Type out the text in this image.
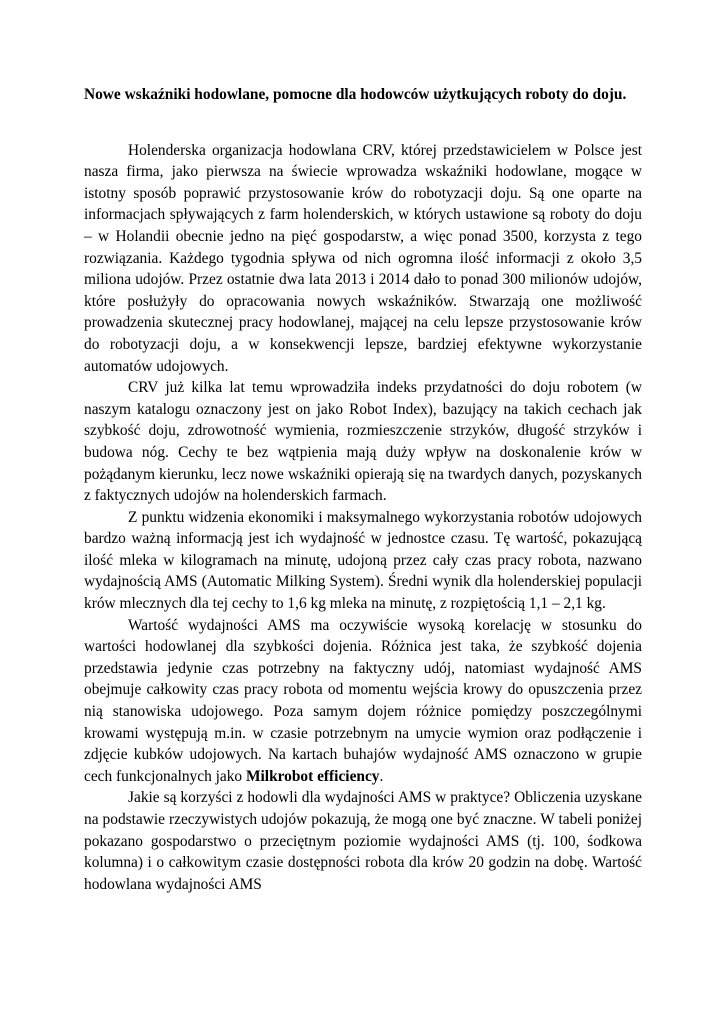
Nowe wskaźniki hodowlane, pomocne dla hodowców użytkujących roboty do doju.

Holenderska organizacja hodowlana CRV, której przedstawicielem w Polsce jest nasza firma, jako pierwsza na świecie wprowadza wskaźniki hodowlane, mogące w istotny sposób poprawić przystosowanie krów do robotyzacji doju. Są one oparte na informacjach spływających z farm holenderskich, w których ustawione są roboty do doju – w Holandii obecnie jedno na pięć gospodarstw, a więc ponad 3500, korzysta z tego rozwiązania. Każdego tygodnia spływa od nich ogromna ilość informacji z około 3,5 miliona udojów. Przez ostatnie dwa lata 2013 i 2014 dało to ponad 300 milionów udojów, które posłużyły do opracowania nowych wskaźników. Stwarzają one możliwość prowadzenia skutecznej pracy hodowlanej, mającej na celu lepsze przystosowanie krów do robotyzacji doju, a w konsekwencji lepsze, bardziej efektywne wykorzystanie automatów udojowych.

CRV już kilka lat temu wprowadziła indeks przydatności do doju robotem (w naszym katalogu oznaczony jest on jako Robot Index), bazujący na takich cechach jak szybkość doju, zdrowotność wymienia, rozmieszczenie strzyków, długość strzyków i budowa nóg. Cechy te bez wątpienia mają duży wpływ na doskonalenie krów w pożądanym kierunku, lecz nowe wskaźniki opierają się na twardych danych, pozyskanych z faktycznych udojów na holenderskich farmach.

Z punktu widzenia ekonomiki i maksymalnego wykorzystania robotów udojowych bardzo ważną informacją jest ich wydajność w jednostce czasu. Tę wartość, pokazującą ilość mleka w kilogramach na minutę, udojoną przez cały czas pracy robota, nazwano wydajnością AMS (Automatic Milking System). Średni wynik dla holenderskiej populacji krów mlecznych dla tej cechy to 1,6 kg mleka na minutę, z rozpiętością 1,1 – 2,1 kg.

Wartość wydajności AMS ma oczywiście wysoką korelację w stosunku do wartości hodowlanej dla szybkości dojenia. Różnica jest taka, że szybkość dojenia przedstawia jedynie czas potrzebny na faktyczny udój, natomiast wydajność AMS obejmuje całkowity czas pracy robota od momentu wejścia krowy do opuszczenia przez nią stanowiska udojowego. Poza samym dojem różnice pomiędzy poszczególnymi krowami występują m.in. w czasie potrzebnym na umycie wymion oraz podłączenie i zdjęcie kubków udojowych. Na kartach buhajów wydajność AMS oznaczono w grupie cech funkcjonalnych jako Milkrobot efficiency.

Jakie są korzyści z hodowli dla wydajności AMS w praktyce? Obliczenia uzyskane na podstawie rzeczywistych udojów pokazują, że mogą one być znaczne. W tabeli poniżej pokazano gospodarstwo o przeciętnym poziomie wydajności AMS (tj. 100, śodkowa kolumna) i o całkowitym czasie dostępności robota dla krów 20 godzin na dobę. Wartość hodowlana wydajności AMS
